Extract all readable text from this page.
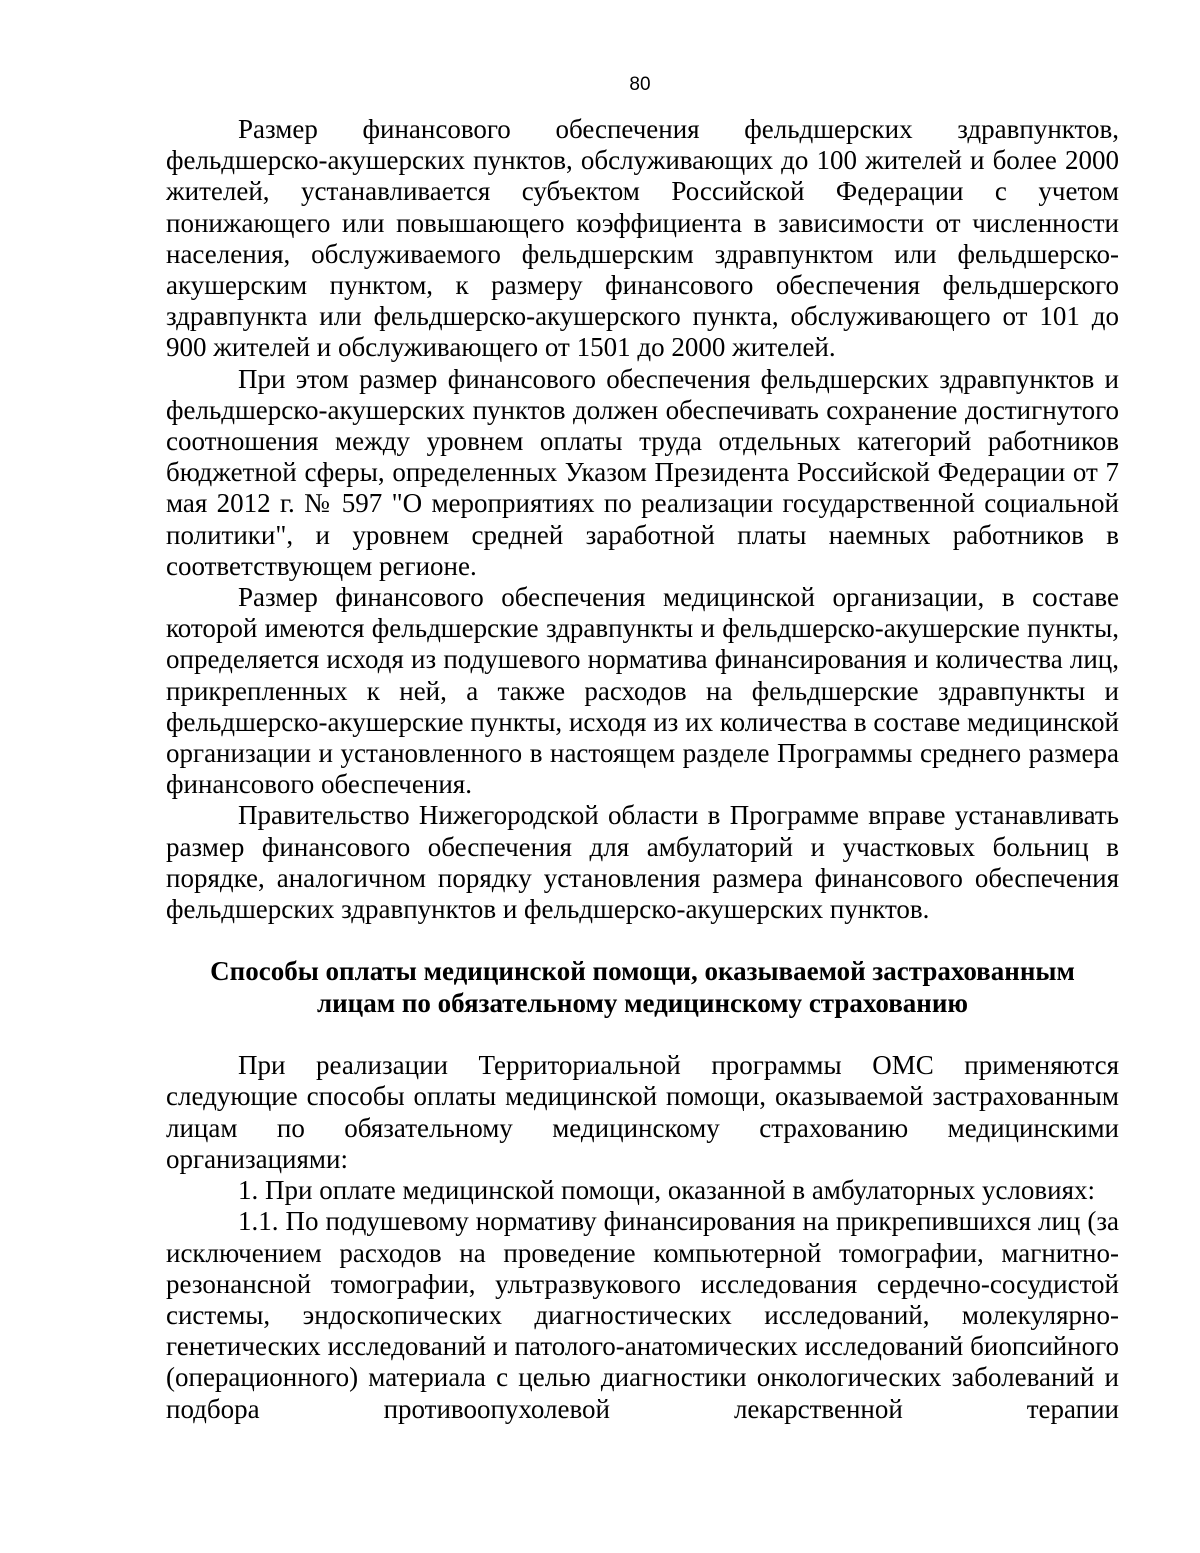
80

Размер финансового обеспечения фельдшерских здравпунктов, фельдшерско-акушерских пунктов, обслуживающих до 100 жителей и более 2000 жителей, устанавливается субъектом Российской Федерации с учетом понижающего или повышающего коэффициента в зависимости от численности населения, обслуживаемого фельдшерским здравпунктом или фельдшерско-акушерским пунктом, к размеру финансового обеспечения фельдшерского здравпункта или фельдшерско-акушерского пункта, обслуживающего от 101 до 900 жителей и обслуживающего от 1501 до 2000 жителей.

При этом размер финансового обеспечения фельдшерских здравпунктов и фельдшерско-акушерских пунктов должен обеспечивать сохранение достигнутого соотношения между уровнем оплаты труда отдельных категорий работников бюджетной сферы, определенных Указом Президента Российской Федерации от 7 мая 2012 г. № 597 "О мероприятиях по реализации государственной социальной политики", и уровнем средней заработной платы наемных работников в соответствующем регионе.

Размер финансового обеспечения медицинской организации, в составе которой имеются фельдшерские здравпункты и фельдшерско-акушерские пункты, определяется исходя из подушевого норматива финансирования и количества лиц, прикрепленных к ней, а также расходов на фельдшерские здравпункты и фельдшерско-акушерские пункты, исходя из их количества в составе медицинской организации и установленного в настоящем разделе Программы среднего размера финансового обеспечения.

Правительство Нижегородской области в Программе вправе устанавливать размер финансового обеспечения для амбулаторий и участковых больниц в порядке, аналогичном порядку установления размера финансового обеспечения фельдшерских здравпунктов и фельдшерско-акушерских пунктов.

Способы оплаты медицинской помощи, оказываемой застрахованным
лицам по обязательному медицинскому страхованию

При реализации Территориальной программы ОМС применяются следующие способы оплаты медицинской помощи, оказываемой застрахованным лицам по обязательному медицинскому страхованию медицинскими организациями:

1. При оплате медицинской помощи, оказанной в амбулаторных условиях:

1.1. По подушевому нормативу финансирования на прикрепившихся лиц (за исключением расходов на проведение компьютерной томографии, магнитно-резонансной томографии, ультразвукового исследования сердечно-сосудистой системы, эндоскопических диагностических исследований, молекулярно-генетических исследований и патолого-анатомических исследований биопсийного (операционного) материала с целью диагностики онкологических заболеваний и подбора противоопухолевой лекарственной терапии
